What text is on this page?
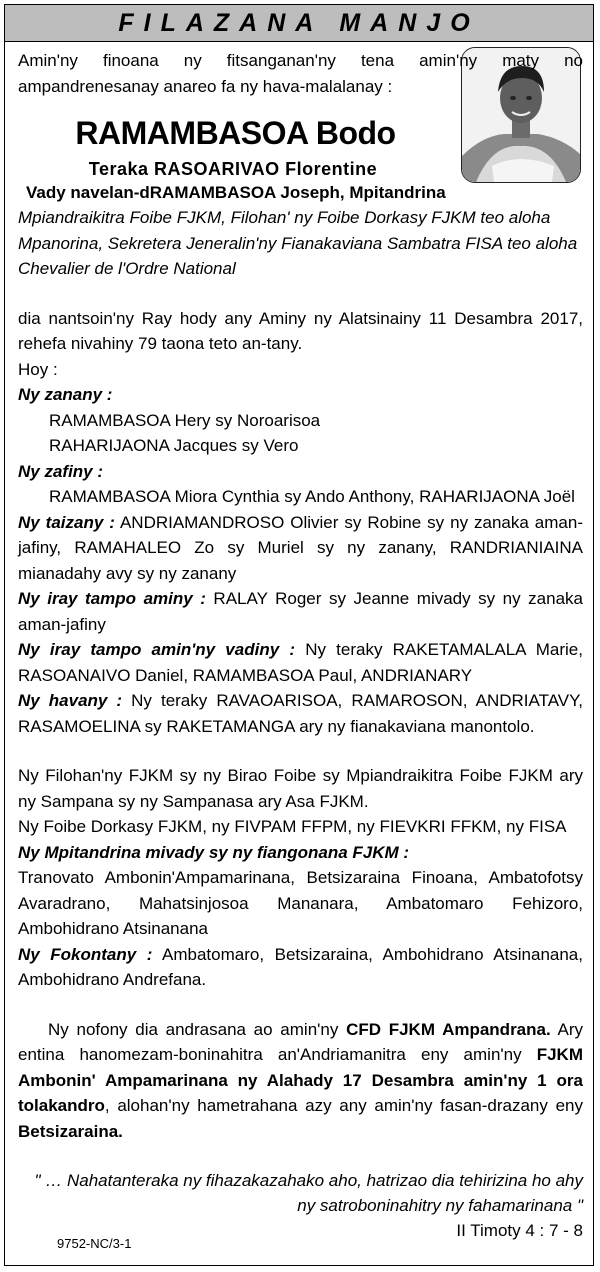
FILAZANA MANJO

Amin'ny finoana ny fitsanganan'ny tena amin'ny maty no ampandrenesanay anareo fa ny hava-malalanay :

RAMAMBASOA Bodo
Teraka RASOARIVAO Florentine
Vady navelan-dRAMAMBASOA Joseph, Mpitandrina

Mpiandraikitra Foibe FJKM, Filohan' ny Foibe Dorkasy FJKM teo aloha

Mpanorina, Sekretera Jeneralin'ny Fianakaviana Sambatra FISA teo aloha

Chevalier de l'Ordre National

dia nantsoin'ny Ray hody any Aminy ny Alatsinainy 11 Desambra 2017, rehefa nivahiny 79 taona teto an-tany.

Hoy :

Ny zanany :

RAMAMBASOA Hery sy Noroarisoa

RAHARIJAONA Jacques sy Vero

Ny zafiny :

RAMAMBASOA Miora Cynthia sy Ando Anthony, RAHARIJAONA Joël

Ny taizany : ANDRIAMANDROSO Olivier sy Robine sy ny zanaka aman-jafiny, RAMAHALEO Zo sy Muriel sy ny zanany, RANDRIANIAINA mianadahy avy sy ny zanany

Ny iray tampo aminy : RALAY Roger sy Jeanne mivady sy ny zanaka aman-jafiny

Ny iray tampo amin'ny vadiny : Ny teraky RAKETAMALALA Marie, RASOANAIVO Daniel, RAMAMBASOA Paul, ANDRIANARY

Ny havany : Ny teraky RAVAOARISOA, RAMAROSON, ANDRIATAVY, RASAMOELINA sy RAKETAMANGA ary ny fianakaviana manontolo.

Ny Filohan'ny FJKM sy ny Birao Foibe sy Mpiandraikitra Foibe FJKM ary ny Sampana sy ny Sampanasa ary Asa FJKM.

Ny Foibe Dorkasy FJKM, ny FIVPAM FFPM, ny FIEVKRI FFKM, ny FISA

Ny Mpitandrina mivady sy ny fiangonana FJKM :

Tranovato Ambonin'Ampamarinana, Betsizaraina Finoana, Ambatofotsy Avaradrano, Mahatsinjosoa Mananara, Ambatomaro Fehizoro, Ambohidrano Atsinanana

Ny Fokontany : Ambatomaro, Betsizaraina, Ambohidrano Atsinanana, Ambohidrano Andrefana.

Ny nofony dia andrasana ao amin'ny CFD FJKM Ampandrana. Ary entina hanomezam-boninahitra an'Andriamanitra eny amin'ny FJKM Ambonin' Ampamarinana ny Alahady 17 Desambra amin'ny 1 ora tolakandro, alohan'ny hametrahana azy any amin'ny fasan-drazany eny Betsizaraina.

" … Nahatanteraka ny fihazakazahako aho, hatrizao dia tehirizina ho ahy

ny satroboninahitry ny fahamarinana "

II Timoty 4 : 7 - 8

9752-NC/3-1
